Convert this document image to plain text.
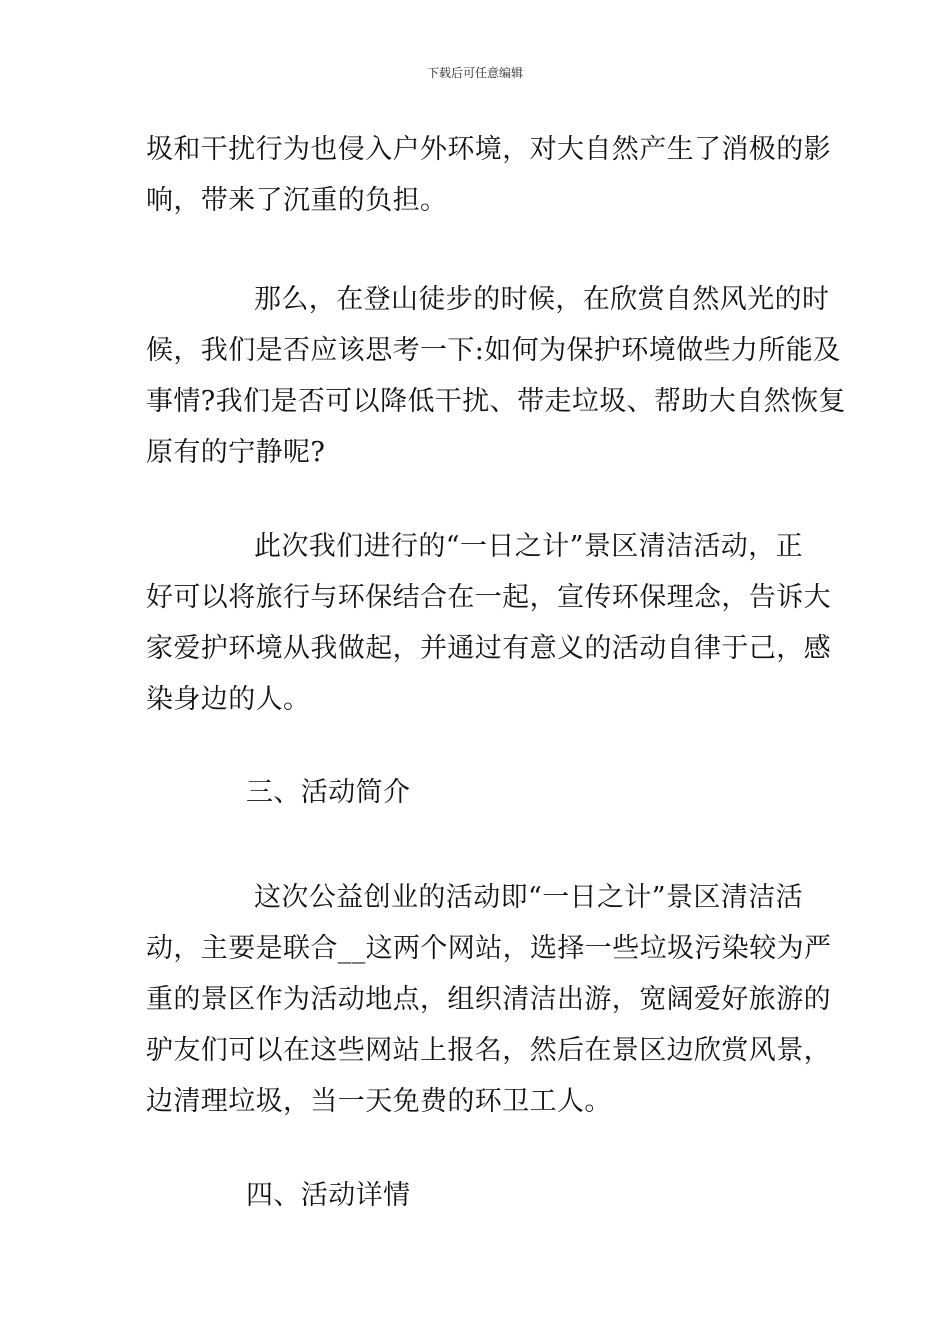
下载后可任意编辑

圾和干扰行为也侵入户外环境，对大自然产生了消极的影
响，带来了沉重的负担。

那么，在登山徒步的时候，在欣赏自然风光的时
候，我们是否应该思考一下:如何为保护环境做些力所能及
事情?我们是否可以降低干扰、带走垃圾、帮助大自然恢复
原有的宁静呢?

此次我们进行的“一日之计”景区清洁活动，正
好可以将旅行与环保结合在一起，宣传环保理念，告诉大
家爱护环境从我做起，并通过有意义的活动自律于己，感
染身边的人。

三、活动简介

这次公益创业的活动即“一日之计”景区清洁活
动，主要是联合__这两个网站，选择一些垃圾污染较为严
重的景区作为活动地点，组织清洁出游，宽阔爱好旅游的
驴友们可以在这些网站上报名，然后在景区边欣赏风景，
边清理垃圾，当一天免费的环卫工人。

四、活动详情
